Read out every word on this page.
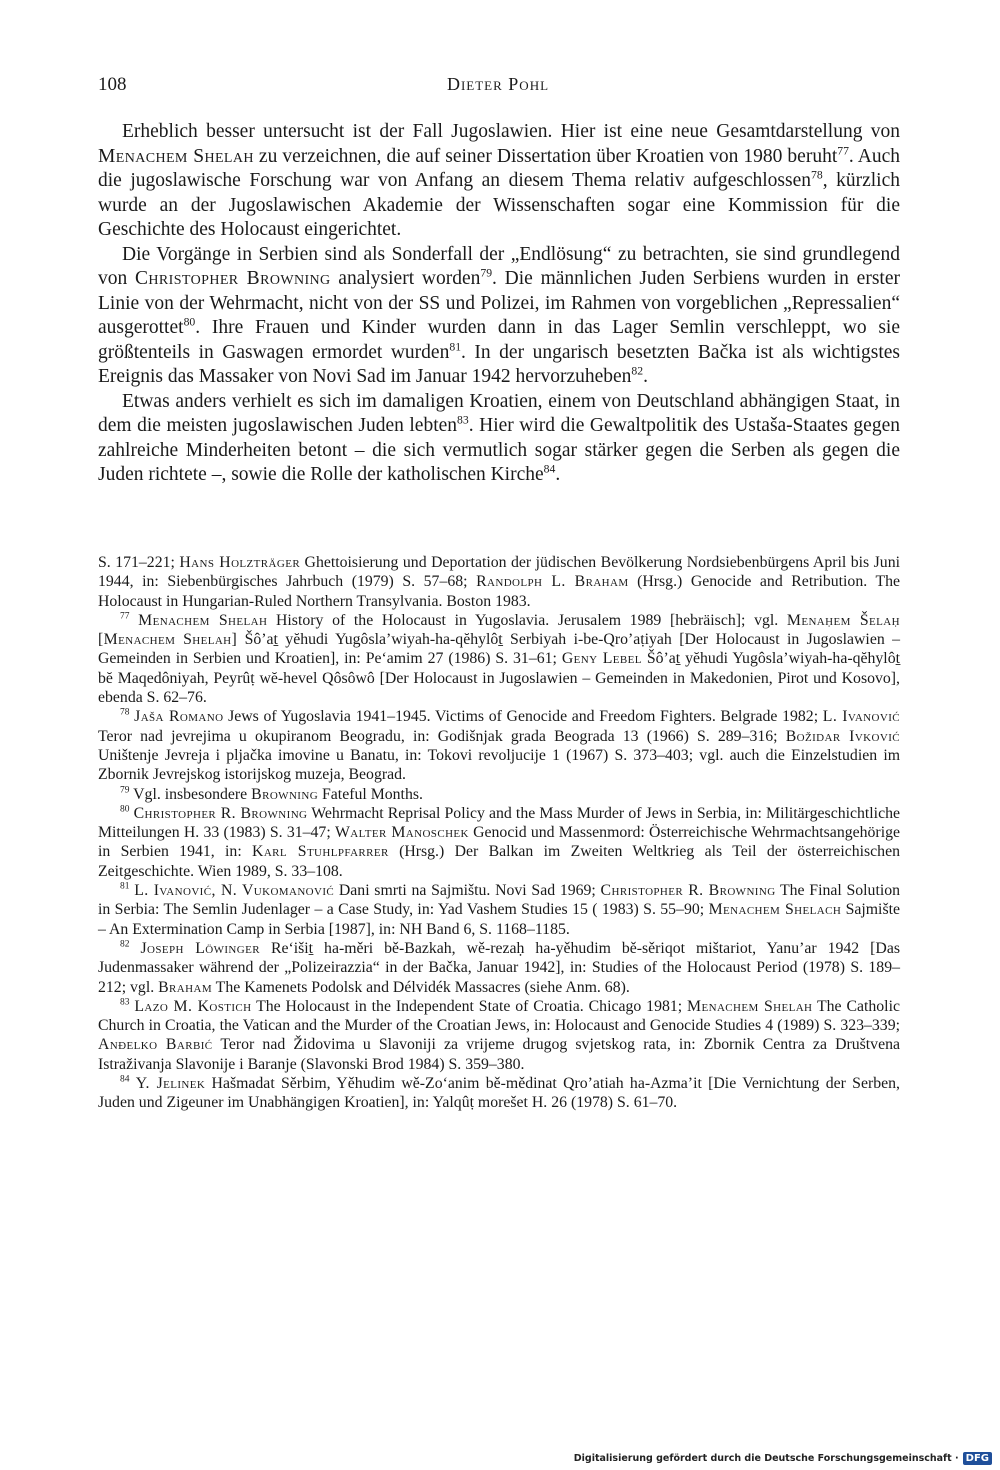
108	Dieter Pohl

Erheblich besser untersucht ist der Fall Jugoslawien. Hier ist eine neue Gesamtdarstellung von Menachem Shelah zu verzeichnen, die auf seiner Dissertation über Kroatien von 1980 beruht$^{77}$. Auch die jugoslawische Forschung war von Anfang an diesem Thema relativ aufgeschlossen$^{78}$, kürzlich wurde an der Jugoslawischen Akademie der Wissenschaften sogar eine Kommission für die Geschichte des Holocaust eingerichtet.

Die Vorgänge in Serbien sind als Sonderfall der „Endlösung“ zu betrachten, sie sind grundlegend von Christopher Browning analysiert worden$^{79}$. Die männlichen Juden Serbiens wurden in erster Linie von der Wehrmacht, nicht von der SS und Polizei, im Rahmen von vorgeblichen „Repressalien“ ausgerottet$^{80}$. Ihre Frauen und Kinder wurden dann in das Lager Semlin verschleppt, wo sie größtenteils in Gaswagen ermordet wurden$^{81}$. In der ungarisch besetzten Bačka ist als wichtigstes Ereignis das Massaker von Novi Sad im Januar 1942 hervorzuheben$^{82}$.

Etwas anders verhielt es sich im damaligen Kroatien, einem von Deutschland abhängigen Staat, in dem die meisten jugoslawischen Juden lebten$^{83}$. Hier wird die Gewaltpolitik des Ustaša-Staates gegen zahlreiche Minderheiten betont – die sich vermutlich sogar stärker gegen die Serben als gegen die Juden richtete –, sowie die Rolle der katholischen Kirche$^{84}$.

S. 171–221; Hans Holzträger Ghettoisierung und Deportation der jüdischen Bevölkerung Nordsiebenbürgens April bis Juni 1944, in: Siebenbürgisches Jahrbuch (1979) S. 57–68; Randolph L. Braham (Hrsg.) Genocide and Retribution. The Holocaust in Hungarian-Ruled Northern Transylvania. Boston 1983.

$^{77}$ Menachem Shelah History of the Holocaust in Yugoslavia. Jerusalem 1989 [hebräisch]; vgl. Menaḥem Šelaḥ [Menachem Shelah] Šô’aṯ yĕhudi Yugôsla’wiyah-ha-qĕhylôṯ Serbiyah i-be-Qro’aṭiyah [Der Holocaust in Jugoslawien – Gemeinden in Serbien und Kroatien], in: Pe‘amim 27 (1986) S. 31–61; Geny Lebel Šô’aṯ yĕhudi Yugôsla’wiyah-ha-qĕhylôṯ bĕ Maqedôniyah, Peyrûṭ wĕ-hevel Qôsôwô [Der Holocaust in Jugoslawien – Gemeinden in Makedonien, Pirot und Kosovo], ebenda S. 62–76.

$^{78}$ Jaša Romano Jews of Yugoslavia 1941–1945. Victims of Genocide and Freedom Fighters. Belgrade 1982; L. Ivanović Teror nad jevrejima u okupiranom Beogradu, in: Godišnjak grada Beograda 13 (1966) S. 289–316; Božidar Ivković Uništenje Jevreja i pljačka imovine u Banatu, in: Tokovi revoljucije 1 (1967) S. 373–403; vgl. auch die Einzelstudien im Zbornik Jevrejskog istorijskog muzeja, Beograd.

$^{79}$ Vgl. insbesondere Browning Fateful Months.

$^{80}$ Christopher R. Browning Wehrmacht Reprisal Policy and the Mass Murder of Jews in Serbia, in: Militärgeschichtliche Mitteilungen H. 33 (1983) S. 31–47; Walter Manoschek Genocid und Massenmord: Österreichische Wehrmachtsangehörige in Serbien 1941, in: Karl Stuhlpfarrer (Hrsg.) Der Balkan im Zweiten Weltkrieg als Teil der österreichischen Zeitgeschichte. Wien 1989, S. 33–108.

$^{81}$ L. Ivanović, N. Vukomanović Dani smrti na Sajmištu. Novi Sad 1969; Christopher R. Browning The Final Solution in Serbia: The Semlin Judenlager – a Case Study, in: Yad Vashem Studies 15 ( 1983) S. 55–90; Menachem Shelach Sajmište – An Extermination Camp in Serbia [1987], in: NH Band 6, S. 1168–1185.

$^{82}$ Joseph Löwinger Re‘išiṯ ha-měri bě-Bazkah, wě-rezaḥ ha-yěhudim bě-sěriqot mištariot, Yanu’ar 1942 [Das Judenmassaker während der „Polizeirazzia“ in der Bačka, Januar 1942], in: Studies of the Holocaust Period (1978) S. 189–212; vgl. Braham The Kamenets Podolsk and Délvidék Massacres (siehe Anm. 68).

$^{83}$ Lazo M. Kostich The Holocaust in the Independent State of Croatia. Chicago 1981; Menachem Shelah The Catholic Church in Croatia, the Vatican and the Murder of the Croatian Jews, in: Holocaust and Genocide Studies 4 (1989) S. 323–339; Anđelko Barbić Teror nad Židovima u Slavoniji za vrijeme drugog svjetskog rata, in: Zbornik Centra za Društvena Istraživanja Slavonije i Baranje (Slavonski Brod 1984) S. 359–380.

$^{84}$ Y. Jelinek Hašmadat Sěrbim, Yěhudim wě-Zo‘anim bě-mědinat Qro’atiah ha-Azma’it [Die Vernichtung der Serben, Juden und Zigeuner im Unabhängigen Kroatien], in: Yalqûṭ morešet H. 26 (1978) S. 61–70.

Digitalisierung gefördert durch die Deutsche Forschungsgemeinschaft · DFG
